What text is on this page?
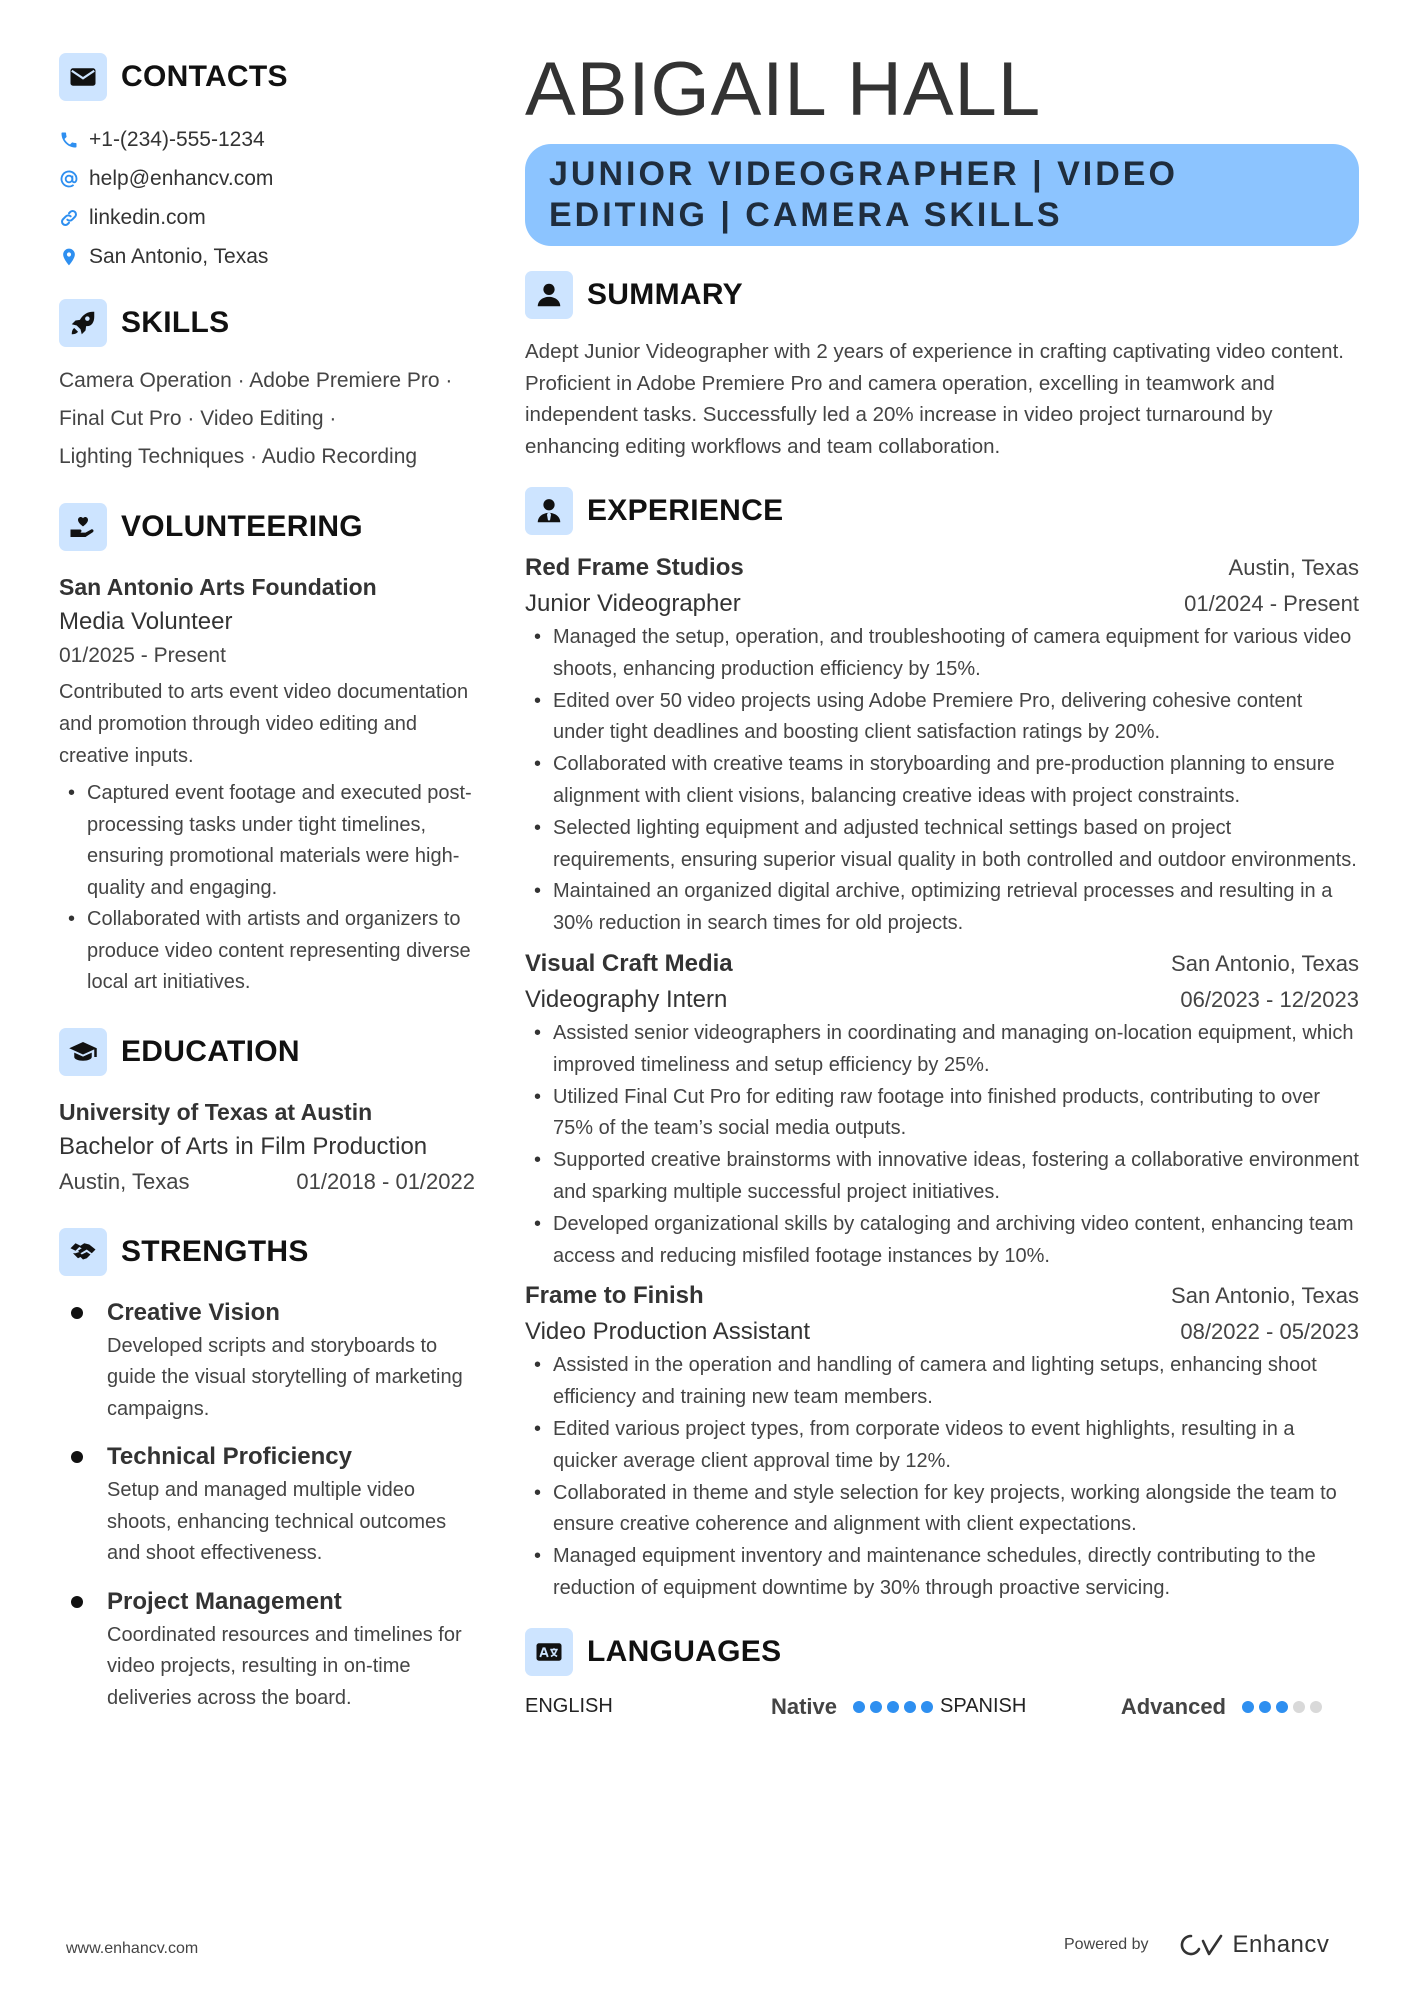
CONTACTS
+1-(234)-555-1234
help@enhancv.com
linkedin.com
San Antonio, Texas
SKILLS
Camera Operation · Adobe Premiere Pro ·
Final Cut Pro · Video Editing ·
Lighting Techniques · Audio Recording
VOLUNTEERING
San Antonio Arts Foundation
Media Volunteer
01/2025 - Present
Contributed to arts event video documentation and promotion through video editing and creative inputs.
• Captured event footage and executed post-processing tasks under tight timelines, ensuring promotional materials were high-quality and engaging.
• Collaborated with artists and organizers to produce video content representing diverse local art initiatives.
EDUCATION
University of Texas at Austin
Bachelor of Arts in Film Production
Austin, Texas	01/2018 - 01/2022
STRENGTHS
Creative Vision
Developed scripts and storyboards to guide the visual storytelling of marketing campaigns.
Technical Proficiency
Setup and managed multiple video shoots, enhancing technical outcomes and shoot effectiveness.
Project Management
Coordinated resources and timelines for video projects, resulting in on-time deliveries across the board.
ABIGAIL HALL
JUNIOR VIDEOGRAPHER | VIDEO EDITING | CAMERA SKILLS
SUMMARY

Adept Junior Videographer with 2 years of experience in crafting captivating video content. Proficient in Adobe Premiere Pro and camera operation, excelling in teamwork and independent tasks. Successfully led a 20% increase in video project turnaround by enhancing editing workflows and team collaboration.

EXPERIENCE
Red Frame Studios	Austin, Texas
Junior Videographer	01/2024 - Present
• Managed the setup, operation, and troubleshooting of camera equipment for various video shoots, enhancing production efficiency by 15%.
• Edited over 50 video projects using Adobe Premiere Pro, delivering cohesive content under tight deadlines and boosting client satisfaction ratings by 20%.
• Collaborated with creative teams in storyboarding and pre-production planning to ensure alignment with client visions, balancing creative ideas with project constraints.
• Selected lighting equipment and adjusted technical settings based on project requirements, ensuring superior visual quality in both controlled and outdoor environments.
• Maintained an organized digital archive, optimizing retrieval processes and resulting in a 30% reduction in search times for old projects.
Visual Craft Media	San Antonio, Texas
Videography Intern	06/2023 - 12/2023
• Assisted senior videographers in coordinating and managing on-location equipment, which improved timeliness and setup efficiency by 25%.
• Utilized Final Cut Pro for editing raw footage into finished products, contributing to over 75% of the team’s social media outputs.
• Supported creative brainstorms with innovative ideas, fostering a collaborative environment and sparking multiple successful project initiatives.
• Developed organizational skills by cataloging and archiving video content, enhancing team access and reducing misfiled footage instances by 10%.
Frame to Finish	San Antonio, Texas
Video Production Assistant	08/2022 - 05/2023
• Assisted in the operation and handling of camera and lighting setups, enhancing shoot efficiency and training new team members.
• Edited various project types, from corporate videos to event highlights, resulting in a quicker average client approval time by 12%.
• Collaborated in theme and style selection for key projects, working alongside the team to ensure creative coherence and alignment with client expectations.
• Managed equipment inventory and maintenance schedules, directly contributing to the reduction of equipment downtime by 30% through proactive servicing.
LANGUAGES
ENGLISH	Native	SPANISH	Advanced
www.enhancv.com	Powered by	Enhancv
